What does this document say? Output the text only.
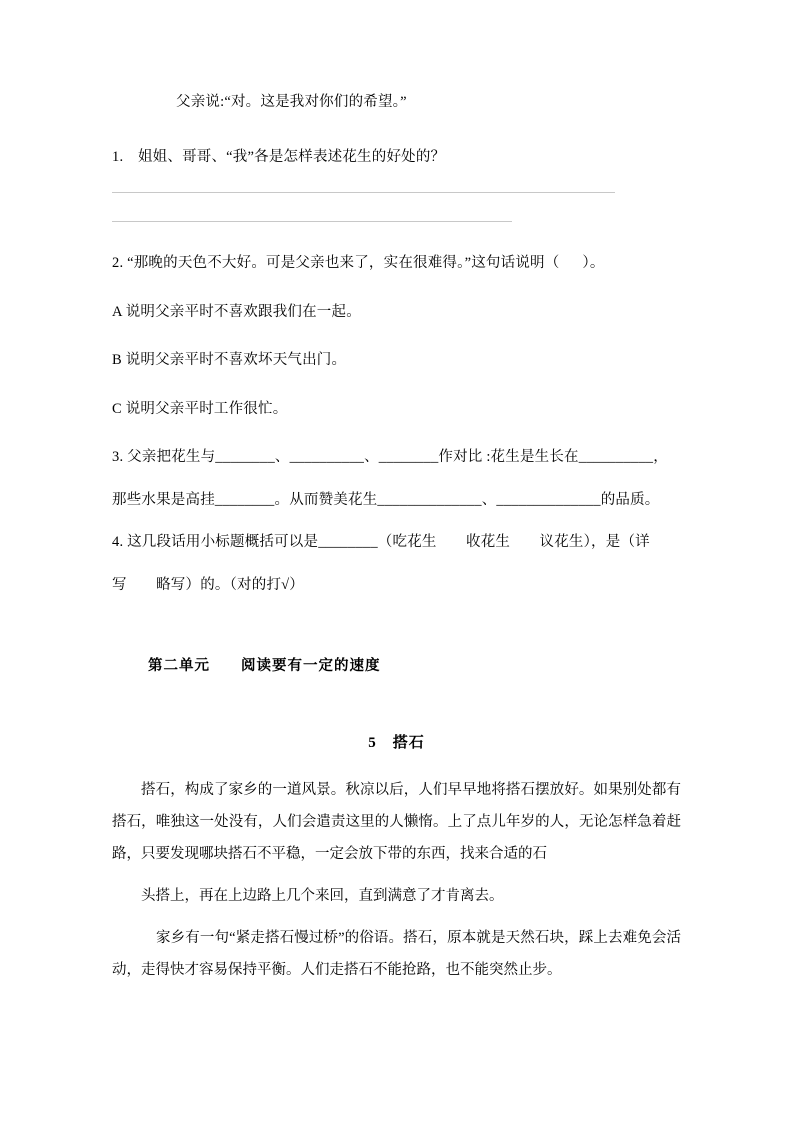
父亲说:“对。这是我对你们的希望。”
1.　姐姐、哥哥、“我”各是怎样表述花生的好处的？
2. “那晚的天色不大好。可是父亲也来了，实在很难得。”这句话说明（      ）。
A 说明父亲平时不喜欢跟我们在一起。
B 说明父亲平时不喜欢坏天气出门。
C 说明父亲平时工作很忙。
3. 父亲把花生与________、__________、________作对比 :花生是生长在__________，
那些水果是高挂________。从而赞美花生______________、______________的品质。
4. 这几段话用小标题概括可以是________（吃花生　　收花生　　议花生），是（详
写　　略写）的。（对的打√）
第二单元　　阅读要有一定的速度
5　搭石

搭石，构成了家乡的一道风景。秋凉以后，人们早早地将搭石摆放好。如果别处都有搭石，唯独这一处没有，人们会遣责这里的人懒惰。上了点儿年岁的人，无论怎样急着赶路，只要发现哪块搭石不平稳，一定会放下带的东西，找来合适的石

头搭上，再在上边路上几个来回，直到满意了才肯离去。

家乡有一句“紧走搭石慢过桥”的俗语。搭石，原本就是天然石块，踩上去难免会活动，走得快才容易保持平衡。人们走搭石不能抢路，也不能突然止步。
